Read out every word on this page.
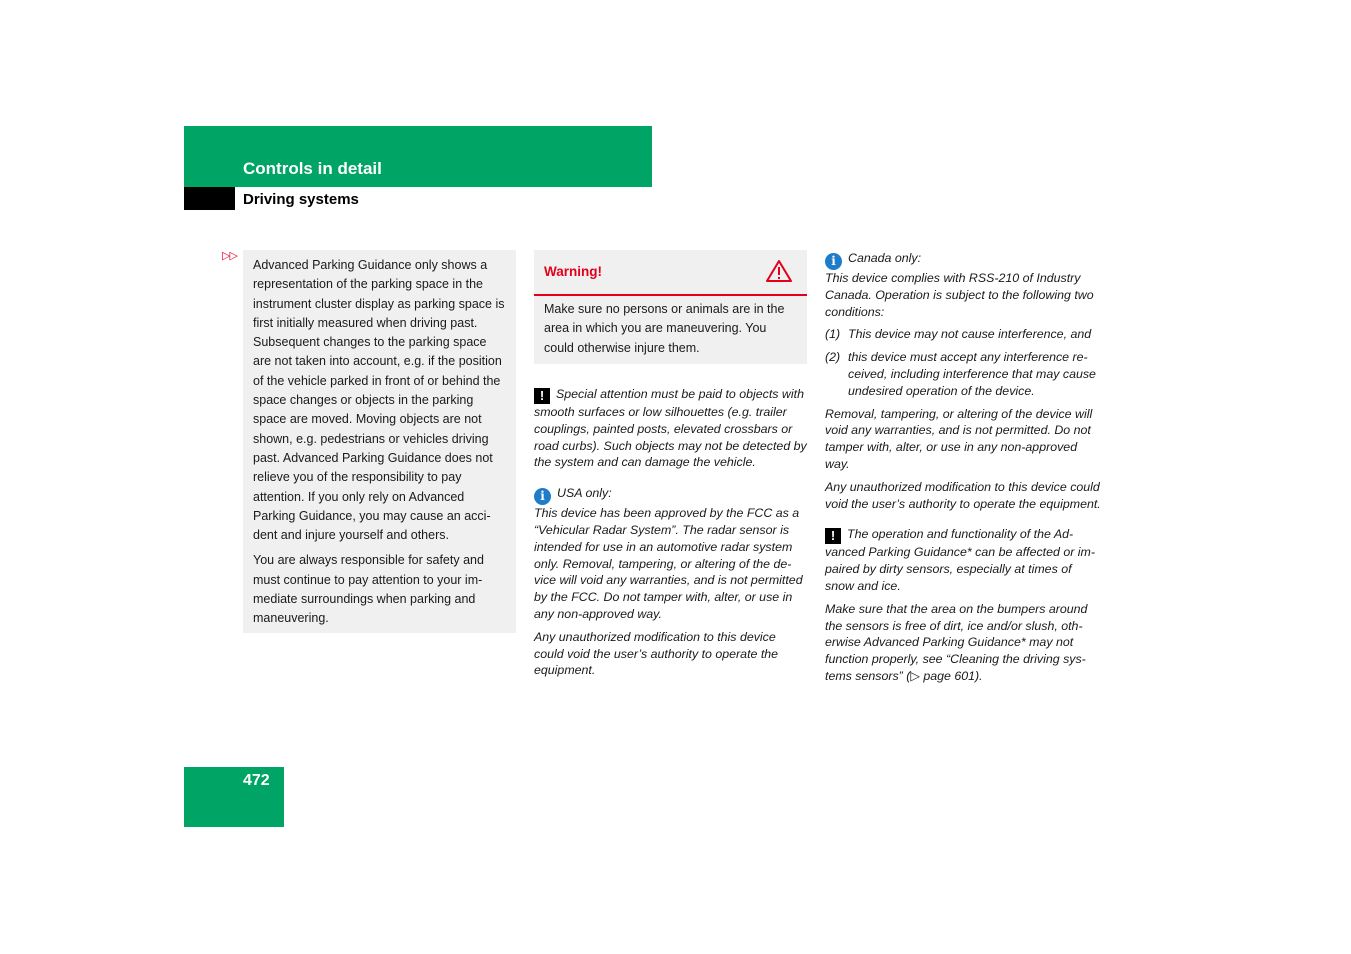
Controls in detail
Driving systems
▷▷

Advanced Parking Guidance only shows a representation of the parking space in the instrument cluster display as parking space is first initially measured when driving past. Subsequent changes to the parking space are not taken into account, e.g. if the position of the vehicle parked in front of or behind the space changes or objects in the parking space are moved. Moving objects are not shown, e.g. pedestrians or vehicles driving past. Advanced Parking Guidance does not relieve you of the responsibility to pay attention. If you only rely on Advanced Parking Guidance, you may cause an accident and injure yourself and others.

You are always responsible for safety and must continue to pay attention to your immediate surroundings when parking and maneuvering.

Warning!
Make sure no persons or animals are in the area in which you are maneuvering. You could otherwise injure them.

! Special attention must be paid to objects with smooth surfaces or low silhouettes (e.g. trailer couplings, painted posts, elevated crossbars or road curbs). Such objects may not be detected by the system and can damage the vehicle.

i USA only:

This device has been approved by the FCC as a “Vehicular Radar System”. The radar sensor is intended for use in an automotive radar system only. Removal, tampering, or altering of the device will void any warranties, and is not permitted by the FCC. Do not tamper with, alter, or use in any non-approved way.

Any unauthorized modification to this device could void the user’s authority to operate the equipment.

i Canada only:

This device complies with RSS-210 of Industry Canada. Operation is subject to the following two conditions:

(1) This device may not cause interference, and
(2) this device must accept any interference received, including interference that may cause undesired operation of the device.

Removal, tampering, or altering of the device will void any warranties, and is not permitted. Do not tamper with, alter, or use in any non-approved way.

Any unauthorized modification to this device could void the user’s authority to operate the equipment.

! The operation and functionality of the Advanced Parking Guidance* can be affected or impaired by dirty sensors, especially at times of snow and ice.

Make sure that the area on the bumpers around the sensors is free of dirt, ice and/or slush, otherwise Advanced Parking Guidance* may not function properly, see “Cleaning the driving systems sensors” (▷ page 601).

472
